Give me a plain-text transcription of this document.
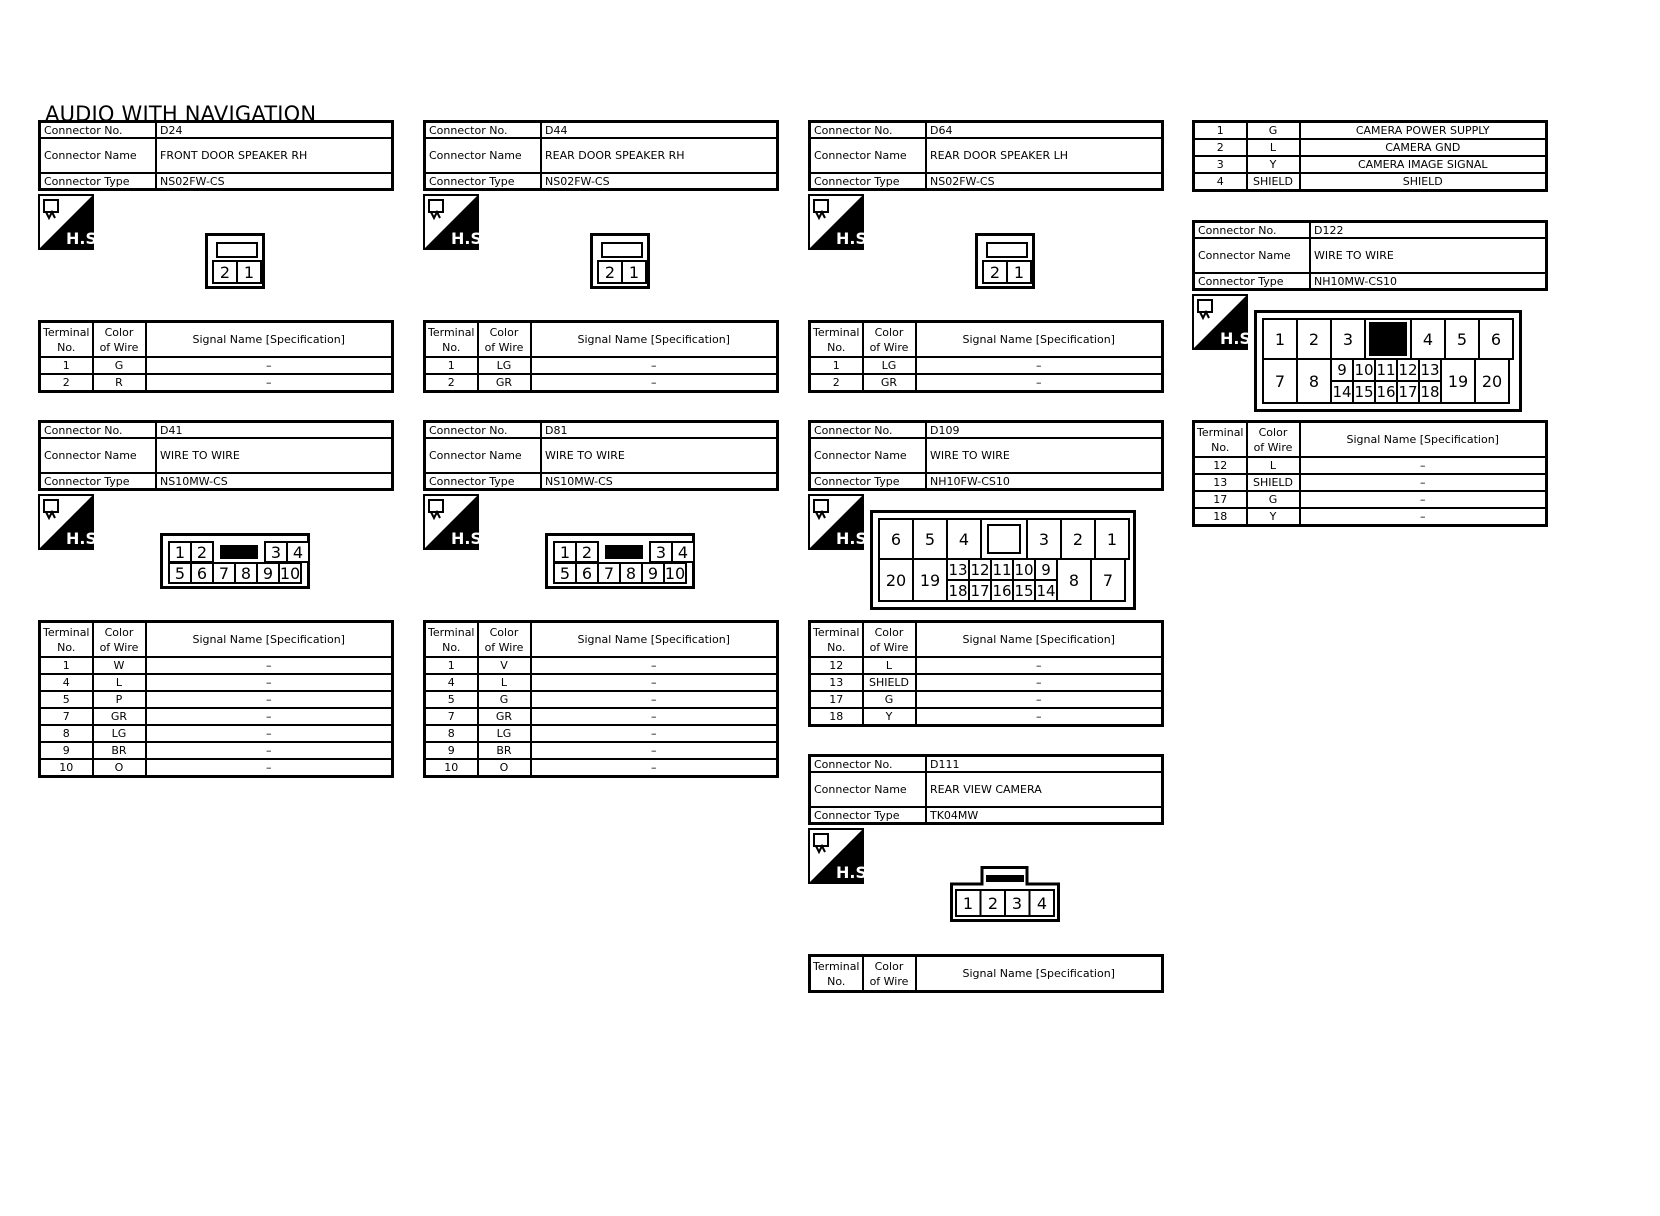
AUDIO WITH NAVIGATION
Connector No.	D24
Connector Name	FRONT DOOR SPEAKER RH
Connector Type	NS02FW-CS
H.S.
2 1
Terminal
No.	Color
of Wire	Signal Name [Specification]
1	G	–
2	R	–
Connector No.	D41
Connector Name	WIRE TO WIRE
Connector Type	NS10MW-CS
H.S.
1 2	3 4
5 6 7 8 9 10
Terminal
No.	Color
of Wire	Signal Name [Specification]
1	W	–
4	L	–
5	P	–
7	GR	–
8	LG	–
9	BR	–
10	O	–
Connector No.	D44
Connector Name	REAR DOOR SPEAKER RH
Connector Type	NS02FW-CS
H.S.
2 1
Terminal
No.	Color
of Wire	Signal Name [Specification]
1	LG	–
2	GR	–
Connector No.	D81
Connector Name	WIRE TO WIRE
Connector Type	NS10MW-CS
H.S.
1 2	3 4
5 6 7 8 9 10
Terminal
No.	Color
of Wire	Signal Name [Specification]
1	V	–
4	L	–
5	G	–
7	GR	–
8	LG	–
9	BR	–
10	O	–
Connector No.	D64
Connector Name	REAR DOOR SPEAKER LH
Connector Type	NS02FW-CS
H.S.
2 1
Terminal
No.	Color
of Wire	Signal Name [Specification]
1	LG	–
2	GR	–
Connector No.	D109
Connector Name	WIRE TO WIRE
Connector Type	NH10FW-CS10
H.S.	6	5	4	3	2	1
20 19
13 12 11 10 9
18 17 16 15 14
8	7
Terminal
No.	Color
of Wire	Signal Name [Specification]
12	L	–
13	SHIELD	–
17	G	–
18	Y	–
Connector No.	D111
Connector Name	REAR VIEW CAMERA
Connector Type	TK04MW
H.S.
1 2 3 4
Terminal
No.	Color
of Wire	Signal Name [Specification]
1	G	CAMERA POWER SUPPLY
2	L	CAMERA GND
3	Y	CAMERA IMAGE SIGNAL
4	SHIELD	SHIELD
Connector No.	D122
Connector Name	WIRE TO WIRE
Connector Type	NH10MW-CS10
H.S.	1	2	3	4	5	6
7	8
9 10 11 12 13
14 15 16 17 18
19 20
Terminal
No.	Color
of Wire	Signal Name [Specification]
12	L	–
13	SHIELD	–
17	G	–
18	Y	–
